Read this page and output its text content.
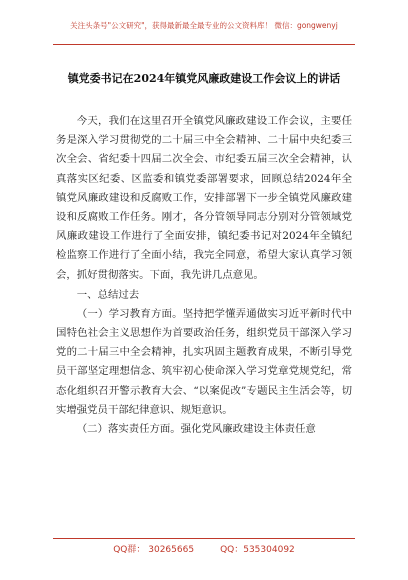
关注头条号"公文研究"，获得最新最全最专业的公文资料库！ 微信：gongwenyj
镇党委书记在2024年镇党风廉政建设工作会议上的讲话

今天，我们在这里召开全镇党风廉政建设工作会议，主要任务是深入学习贯彻党的二十届三中全会精神、二十届中央纪委三次全会、省纪委十四届二次全会、市纪委五届三次全会精神，认真落实区纪委、区监委和镇党委部署要求，回顾总结2024年全镇党风廉政建设和反腐败工作，安排部署下一步全镇党风廉政建设和反腐败工作任务。刚才，各分管领导同志分别对分管领域党风廉政建设工作进行了全面安排，镇纪委书记对2024年全镇纪检监察工作进行了全面小结，我完全同意，希望大家认真学习领会，抓好贯彻落实。下面，我先讲几点意见。

一、总结过去

（一）学习教育方面。坚持把学懂弄通做实习近平新时代中国特色社会主义思想作为首要政治任务，组织党员干部深入学习党的二十届三中全会精神，扎实巩固主题教育成果，不断引导党员干部坚定理想信念、筑牢初心使命深入学习党章党规党纪，常态化组织召开警示教育大会、“以案促改”专题民主生活会等，切实增强党员干部纪律意识、规矩意识。

（二）落实责任方面。强化党风廉政建设主体责任意

QQ群： 30265665	QQ：535304092
